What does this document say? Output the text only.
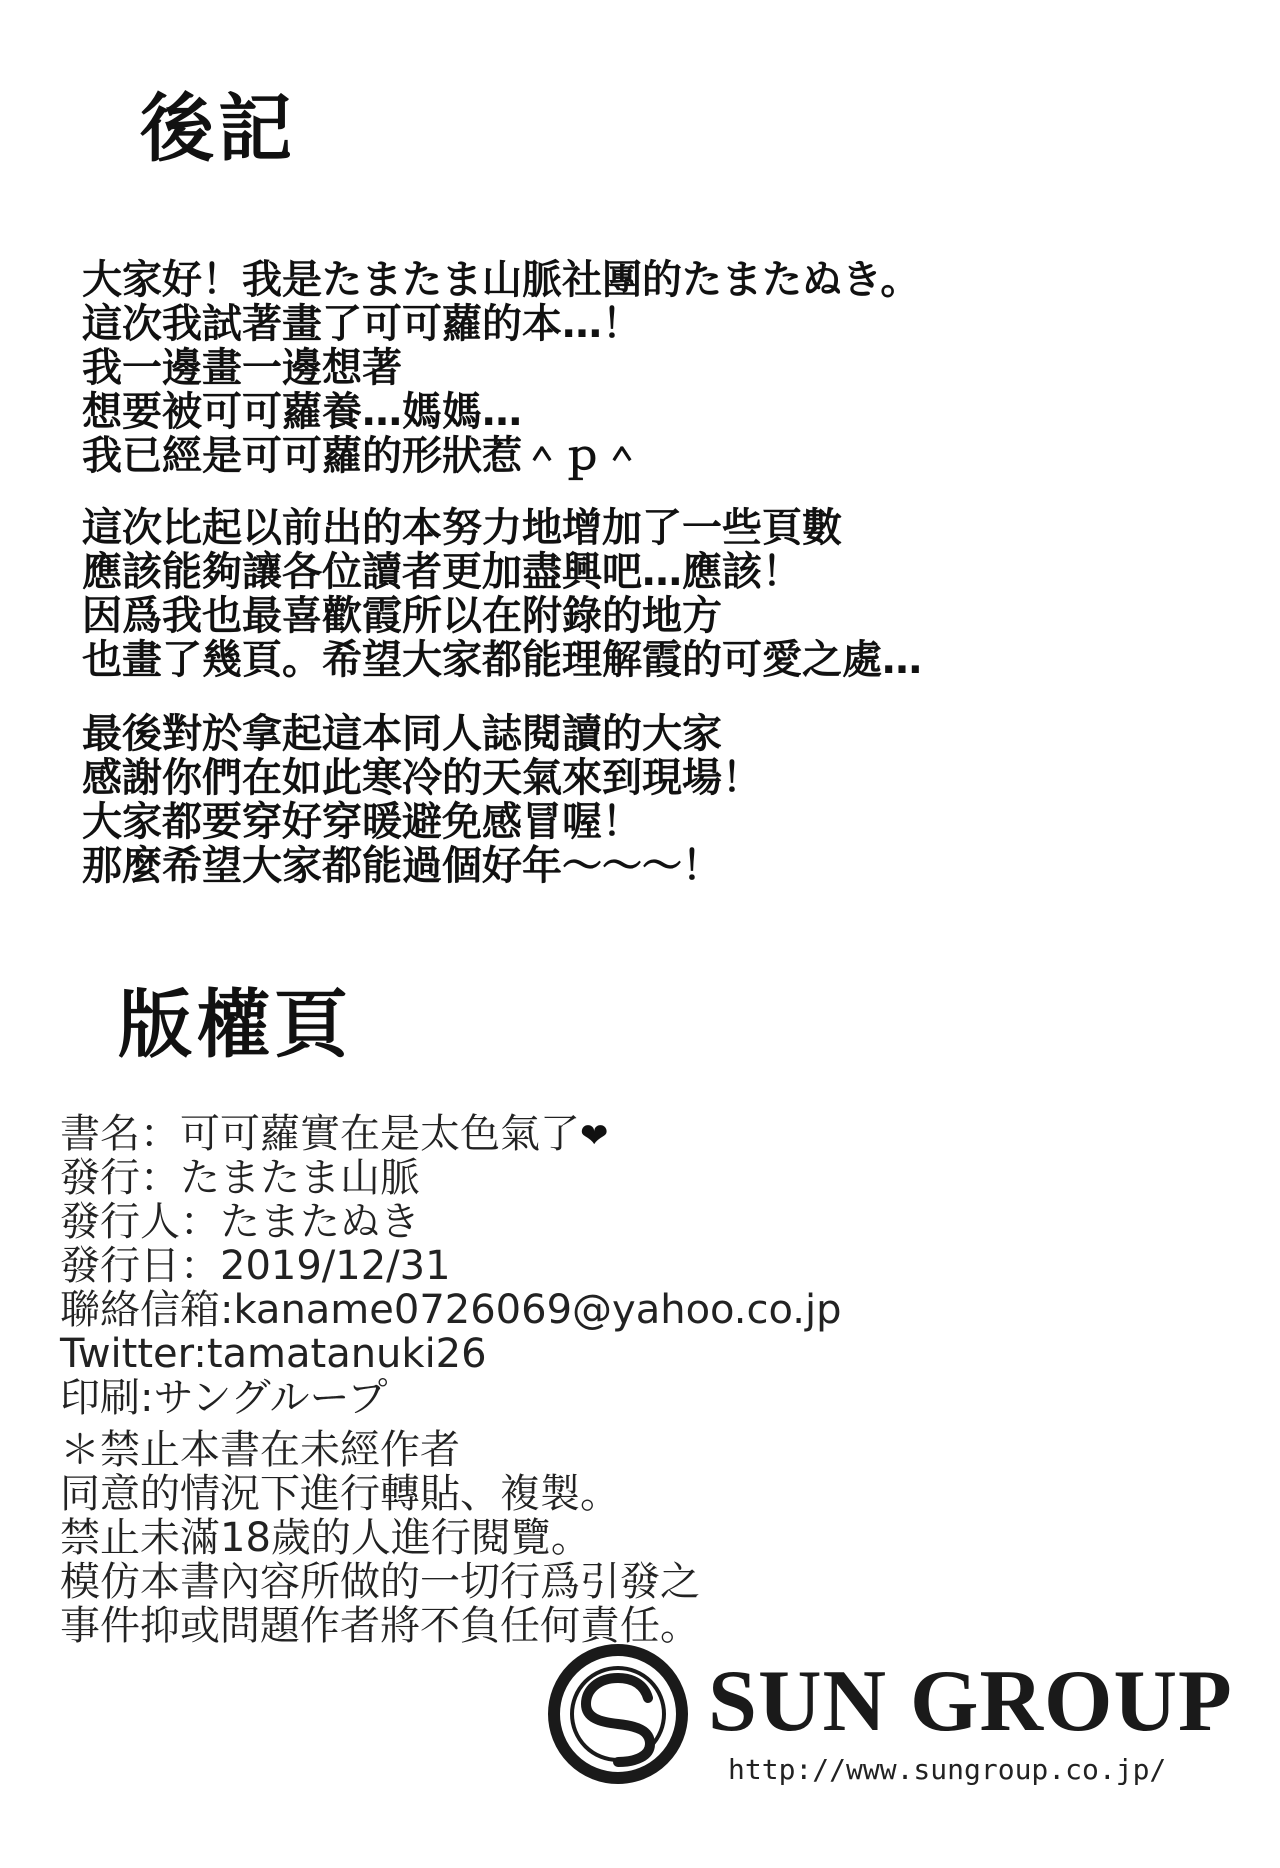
後記
大家好！我是たまたま山脈社團的たまたぬき。
這次我試著畫了可可蘿的本…！
我一邊畫一邊想著
想要被可可蘿養…媽媽…
我已經是可可蘿的形狀惹＾ｐ＾
這次比起以前出的本努力地增加了一些頁數
應該能夠讓各位讀者更加盡興吧…應該！
因爲我也最喜歡霞所以在附錄的地方
也畫了幾頁。希望大家都能理解霞的可愛之處…
最後對於拿起這本同人誌閱讀的大家
感謝你們在如此寒冷的天氣來到現場！
大家都要穿好穿暖避免感冒喔！
那麼希望大家都能過個好年～～～！
版權頁
書名：可可蘿實在是太色氣了❤
發行：たまたま山脈
發行人：たまたぬき
發行日：2019/12/31
聯絡信箱:kaname0726069@yahoo.co.jp
Twitter:tamatanuki26
印刷:サングループ
＊禁止本書在未經作者
同意的情況下進行轉貼、複製。
禁止未滿18歲的人進行閱覽。
模仿本書內容所做的一切行爲引發之
事件抑或問題作者將不負任何責任。
SUN GROUP
http://www.sungroup.co.jp/
